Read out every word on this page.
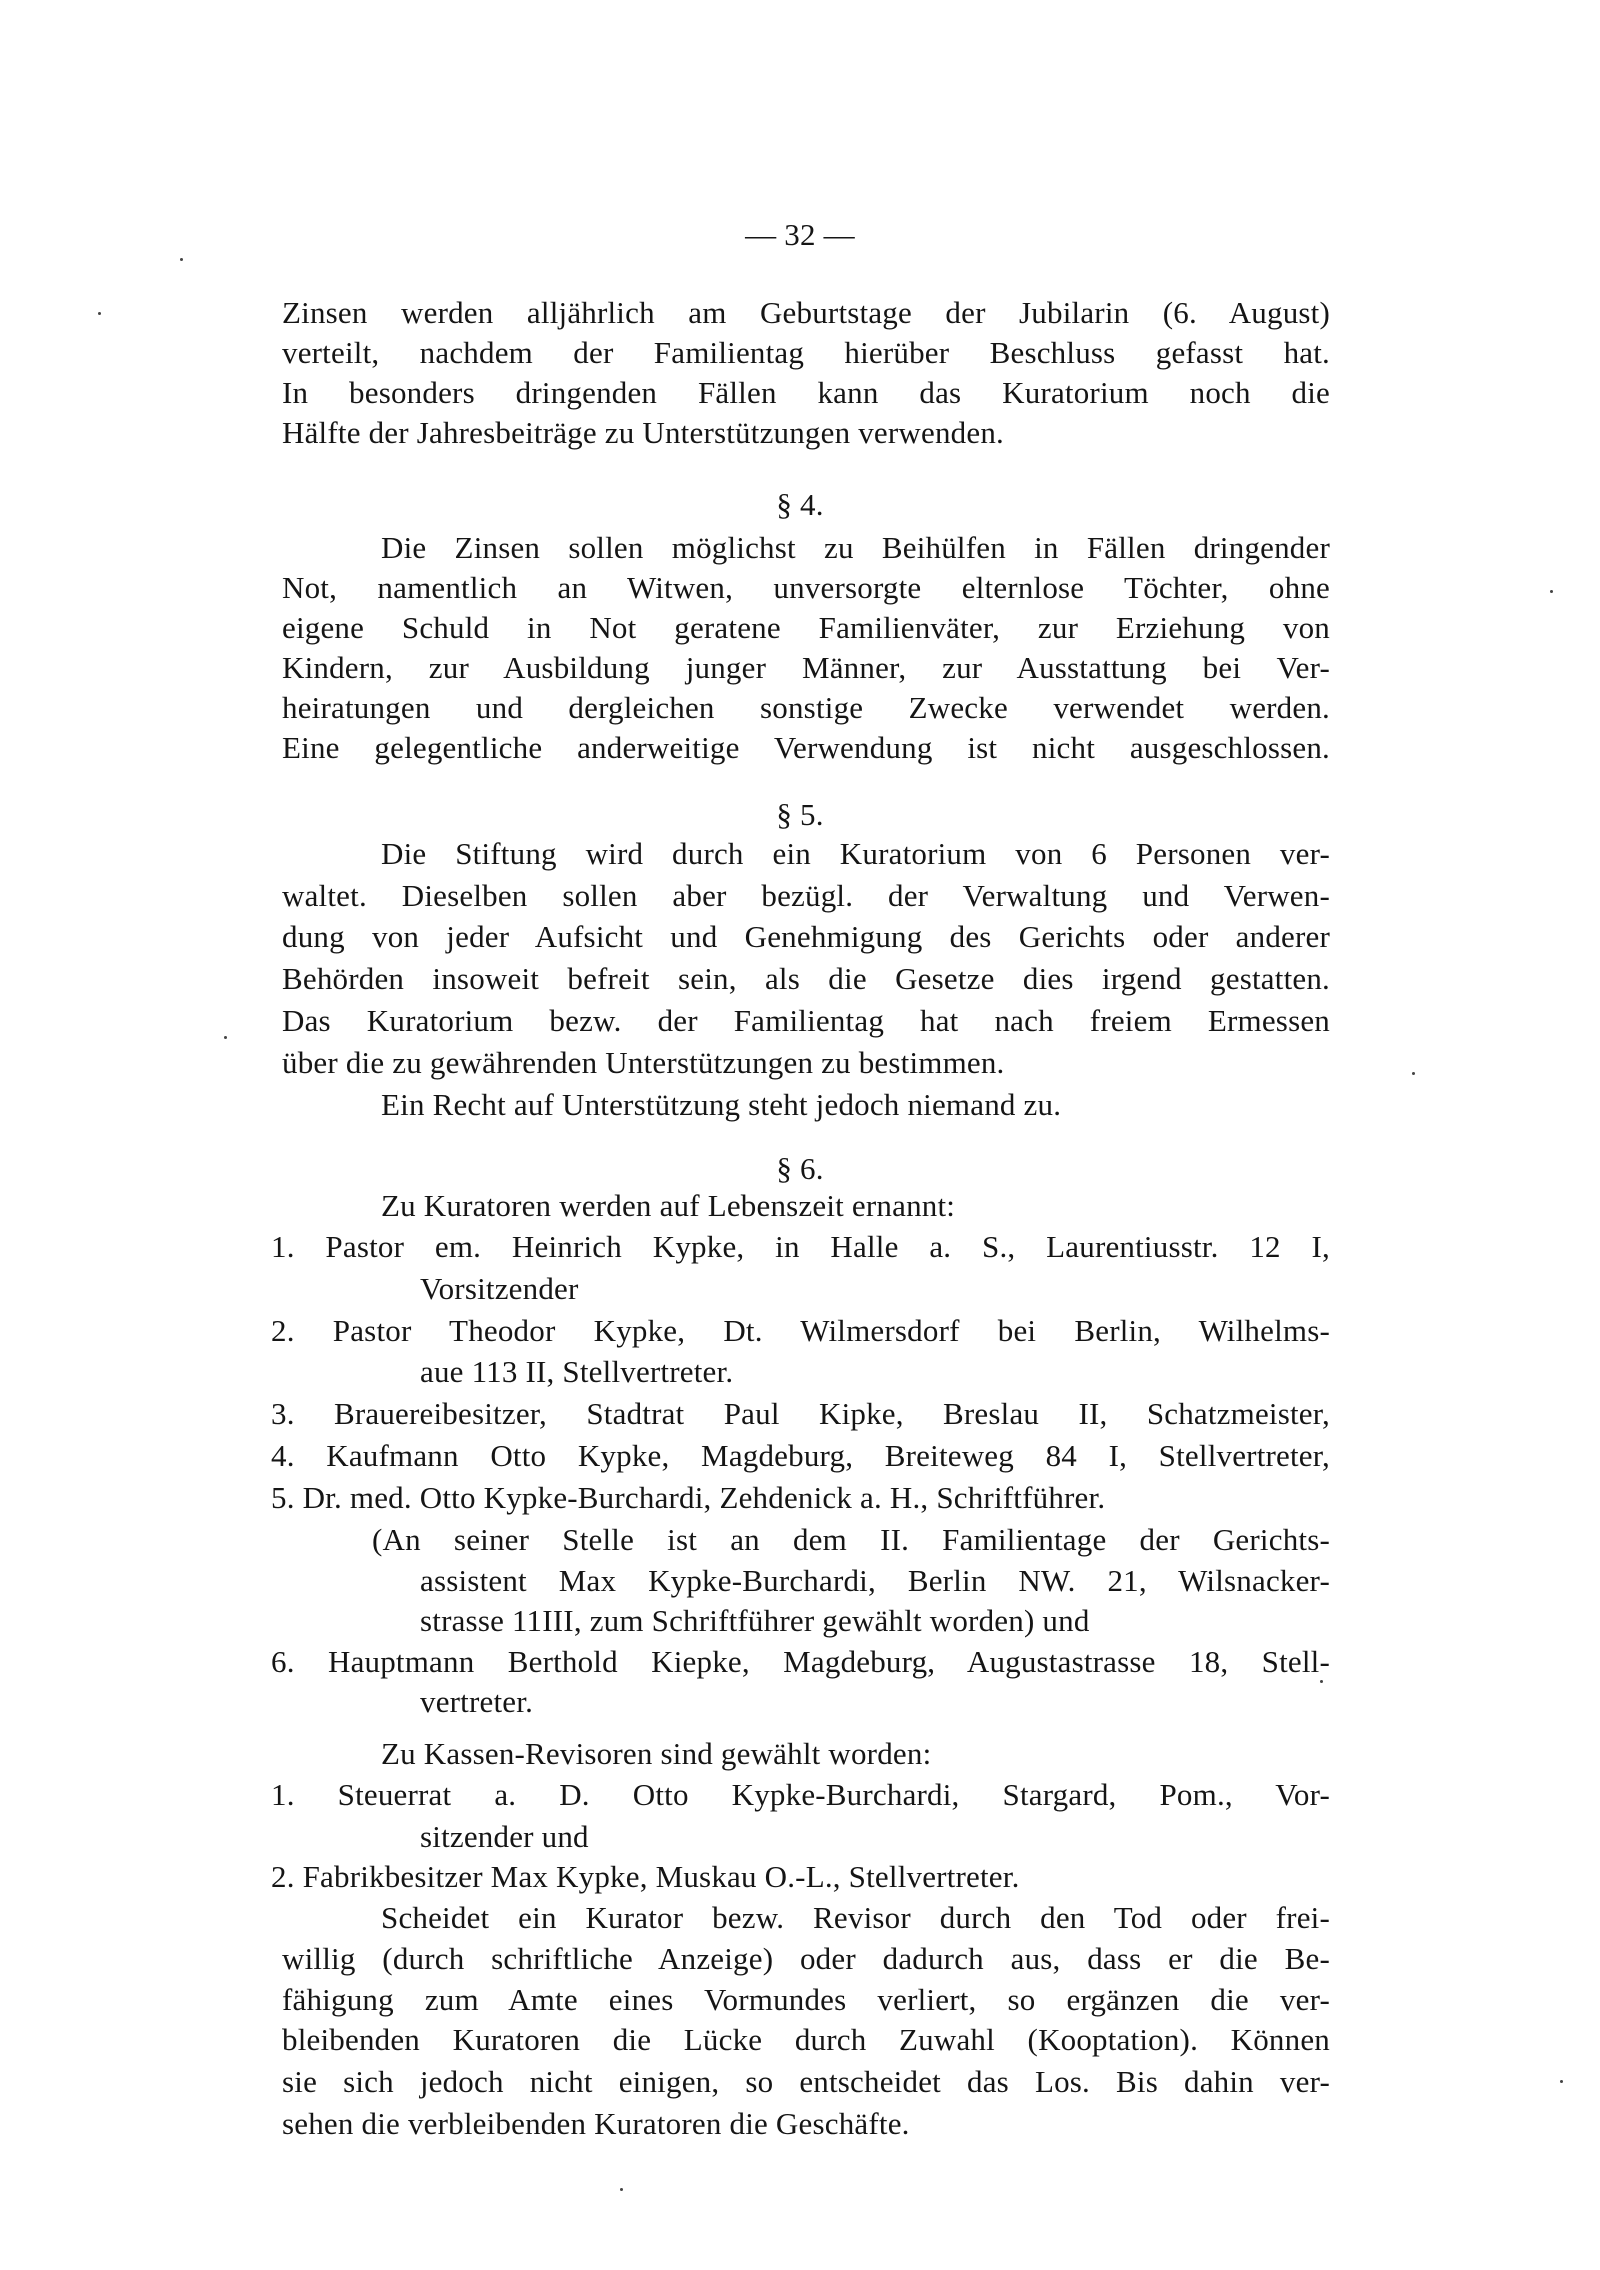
— 32 —
Zinsen werden alljährlich am Geburtstage der Jubilarin (6. August)
verteilt, nachdem der Familientag hierüber Beschluss gefasst hat.
In besonders dringenden Fällen kann das Kuratorium noch die
Hälfte der Jahresbeiträge zu Unterstützungen verwenden.
§ 4.
Die Zinsen sollen möglichst zu Beihülfen in Fällen dringender
Not, namentlich an Witwen, unversorgte elternlose Töchter, ohne
eigene Schuld in Not geratene Familienväter, zur Erziehung von
Kindern, zur Ausbildung junger Männer, zur Ausstattung bei Ver-
heiratungen und dergleichen sonstige Zwecke verwendet werden.
Eine gelegentliche anderweitige Verwendung ist nicht ausgeschlossen.
§ 5.
Die Stiftung wird durch ein Kuratorium von 6 Personen ver-
waltet. Dieselben sollen aber bezügl. der Verwaltung und Verwen-
dung von jeder Aufsicht und Genehmigung des Gerichts oder anderer
Behörden insoweit befreit sein, als die Gesetze dies irgend gestatten.
Das Kuratorium bezw. der Familientag hat nach freiem Ermessen
über die zu gewährenden Unterstützungen zu bestimmen.
Ein Recht auf Unterstützung steht jedoch niemand zu.
§ 6.
Zu Kuratoren werden auf Lebenszeit ernannt:
1. Pastor em. Heinrich Kypke, in Halle a. S., Laurentiusstr. 12 I,
Vorsitzender
2. Pastor Theodor Kypke, Dt. Wilmersdorf bei Berlin, Wilhelms-
aue 113 II, Stellvertreter.
3. Brauereibesitzer, Stadtrat Paul Kipke, Breslau II, Schatzmeister,
4. Kaufmann Otto Kypke, Magdeburg, Breiteweg 84 I, Stellvertreter,
5. Dr. med. Otto Kypke-Burchardi, Zehdenick a. H., Schriftführer.
(An seiner Stelle ist an dem II. Familientage der Gerichts-
assistent Max Kypke-Burchardi, Berlin NW. 21, Wilsnacker-
strasse 11III, zum Schriftführer gewählt worden) und
6. Hauptmann Berthold Kiepke, Magdeburg, Augustastrasse 18, Stell-
vertreter.
Zu Kassen-Revisoren sind gewählt worden:
1. Steuerrat a. D. Otto Kypke-Burchardi, Stargard, Pom., Vor-
sitzender und
2. Fabrikbesitzer Max Kypke, Muskau O.-L., Stellvertreter.
Scheidet ein Kurator bezw. Revisor durch den Tod oder frei-
willig (durch schriftliche Anzeige) oder dadurch aus, dass er die Be-
fähigung zum Amte eines Vormundes verliert, so ergänzen die ver-
bleibenden Kuratoren die Lücke durch Zuwahl (Kooptation). Können
sie sich jedoch nicht einigen, so entscheidet das Los. Bis dahin ver-
sehen die verbleibenden Kuratoren die Geschäfte.
